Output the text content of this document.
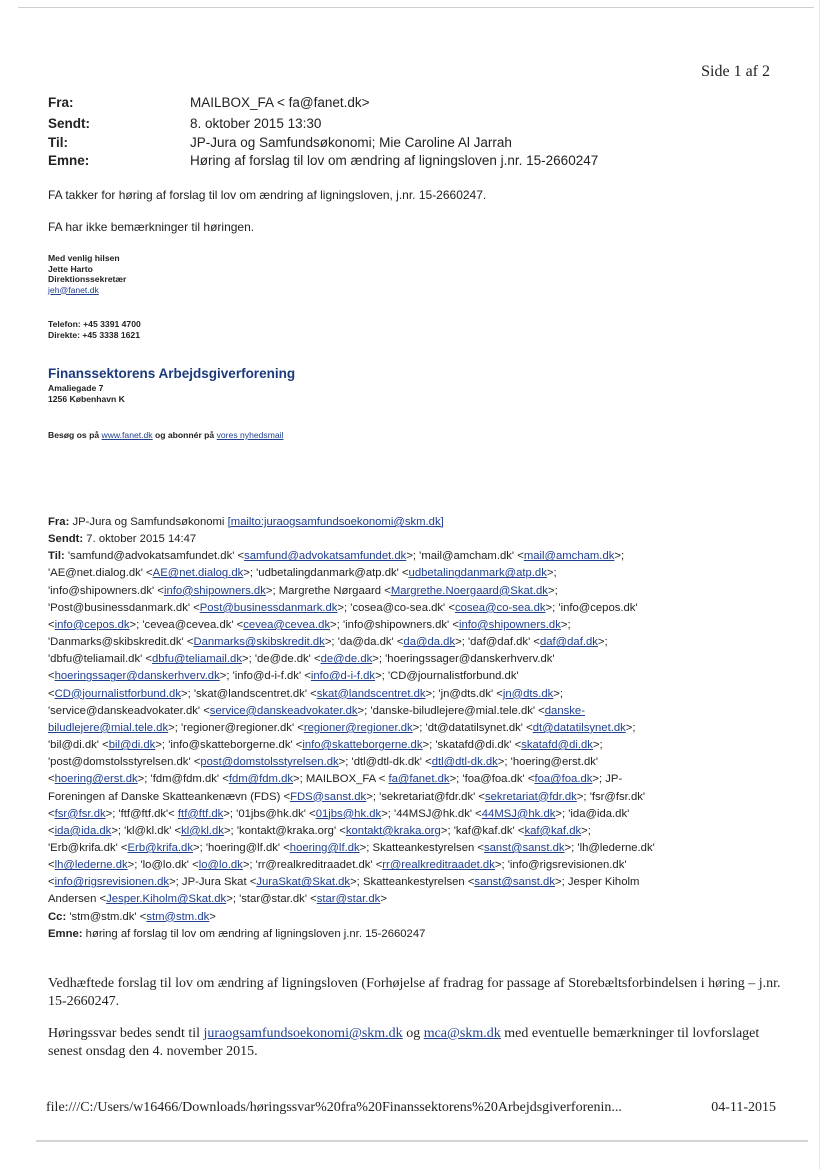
Side 1 af 2
Fra:	MAILBOX_FA < fa@fanet.dk>
Sendt:	8. oktober 2015 13:30
Til:	JP-Jura og Samfundsøkonomi; Mie Caroline Al Jarrah
Emne:	Høring af forslag til lov om ændring af ligningsloven j.nr. 15-2660247
FA takker for høring af forslag til lov om ændring af ligningsloven, j.nr. 15-2660247.
FA har ikke bemærkninger til høringen.
Med venlig hilsen
Jette Harto
Direktionssekretær
jeh@fanet.dk
Telefon: +45 3391 4700
Direkte: +45 3338 1621
Finanssektorens Arbejdsgiverforening
Amaliegade 7
1256 København K
Besøg os på www.fanet.dk og abonnér på vores nyhedsmail
Fra: JP-Jura og Samfundsøkonomi [mailto:juraogsamfundsoekonomi@skm.dk]
Sendt: 7. oktober 2015 14:47
Til: 'samfund@advokatsamfundet.dk' <samfund@advokatsamfundet.dk>; 'mail@amcham.dk' <mail@amcham.dk>;
'AE@net.dialog.dk' <AE@net.dialog.dk>; 'udbetalingdanmark@atp.dk' <udbetalingdanmark@atp.dk>;
'info@shipowners.dk' <info@shipowners.dk>; Margrethe Nørgaard <Margrethe.Noergaard@Skat.dk>;
'Post@businessdanmark.dk' <Post@businessdanmark.dk>; 'cosea@co-sea.dk' <cosea@co-sea.dk>; 'info@cepos.dk'
<info@cepos.dk>; 'cevea@cevea.dk' <cevea@cevea.dk>; 'info@shipowners.dk' <info@shipowners.dk>;
'Danmarks@skibskredit.dk' <Danmarks@skibskredit.dk>; 'da@da.dk' <da@da.dk>; 'daf@daf.dk' <daf@daf.dk>;
'dbfu@teliamail.dk' <dbfu@teliamail.dk>; 'de@de.dk' <de@de.dk>; 'hoeringssager@danskerhverv.dk'
<hoeringssager@danskerhverv.dk>; 'info@d-i-f.dk' <info@d-i-f.dk>; 'CD@journalistforbund.dk'
<CD@journalistforbund.dk>; 'skat@landscentret.dk' <skat@landscentret.dk>; 'jn@dts.dk' <jn@dts.dk>;
'service@danskeadvokater.dk' <service@danskeadvokater.dk>; 'danske-biludlejere@mial.tele.dk' <danske-
biludlejere@mial.tele.dk>; 'regioner@regioner.dk' <regioner@regioner.dk>; 'dt@datatilsynet.dk' <dt@datatilsynet.dk>;
'bil@di.dk' <bil@di.dk>; 'info@skatteborgerne.dk' <info@skatteborgerne.dk>; 'skatafd@di.dk' <skatafd@di.dk>;
'post@domstolsstyrelsen.dk' <post@domstolsstyrelsen.dk>; 'dtl@dtl-dk.dk' <dtl@dtl-dk.dk>; 'hoering@erst.dk'
<hoering@erst.dk>; 'fdm@fdm.dk' <fdm@fdm.dk>; MAILBOX_FA < fa@fanet.dk>; 'foa@foa.dk' <foa@foa.dk>; JP-
Foreningen af Danske Skatteankenævn (FDS) <FDS@sanst.dk>; 'sekretariat@fdr.dk' <sekretariat@fdr.dk>; 'fsr@fsr.dk'
<fsr@fsr.dk>; 'ftf@ftf.dk'< ftf@ftf.dk>; '01jbs@hk.dk' <01jbs@hk.dk>; '44MSJ@hk.dk' <44MSJ@hk.dk>; 'ida@ida.dk'
<ida@ida.dk>; 'kl@kl.dk' <kl@kl.dk>; 'kontakt@kraka.org' <kontakt@kraka.org>; 'kaf@kaf.dk' <kaf@kaf.dk>;
'Erb@krifa.dk' <Erb@krifa.dk>; 'hoering@lf.dk' <hoering@lf.dk>; Skatteankestyrelsen <sanst@sanst.dk>; 'lh@lederne.dk'
<lh@lederne.dk>; 'lo@lo.dk' <lo@lo.dk>; 'rr@realkreditraadet.dk' <rr@realkreditraadet.dk>; 'info@rigsrevisionen.dk'
<info@rigsrevisionen.dk>; JP-Jura Skat <JuraSkat@Skat.dk>; Skatteankestyrelsen <sanst@sanst.dk>; Jesper Kiholm
Andersen <Jesper.Kiholm@Skat.dk>; 'star@star.dk' <star@star.dk>
Cc: 'stm@stm.dk' <stm@stm.dk>
Emne: høring af forslag til lov om ændring af ligningsloven j.nr. 15-2660247
Vedhæftede forslag til lov om ændring af ligningsloven (Forhøjelse af fradrag for passage af Storebæltsforbindelsen i høring – j.nr. 15-2660247.
Høringssvar bedes sendt til juraogsamfundsoekonomi@skm.dk og mca@skm.dk med eventuelle bemærkninger til lovforslaget senest onsdag den 4. november 2015.
file:///C:/Users/w16466/Downloads/høringssvar%20fra%20Finanssektorens%20Arbejdsgiverforenin...	04-11-2015
